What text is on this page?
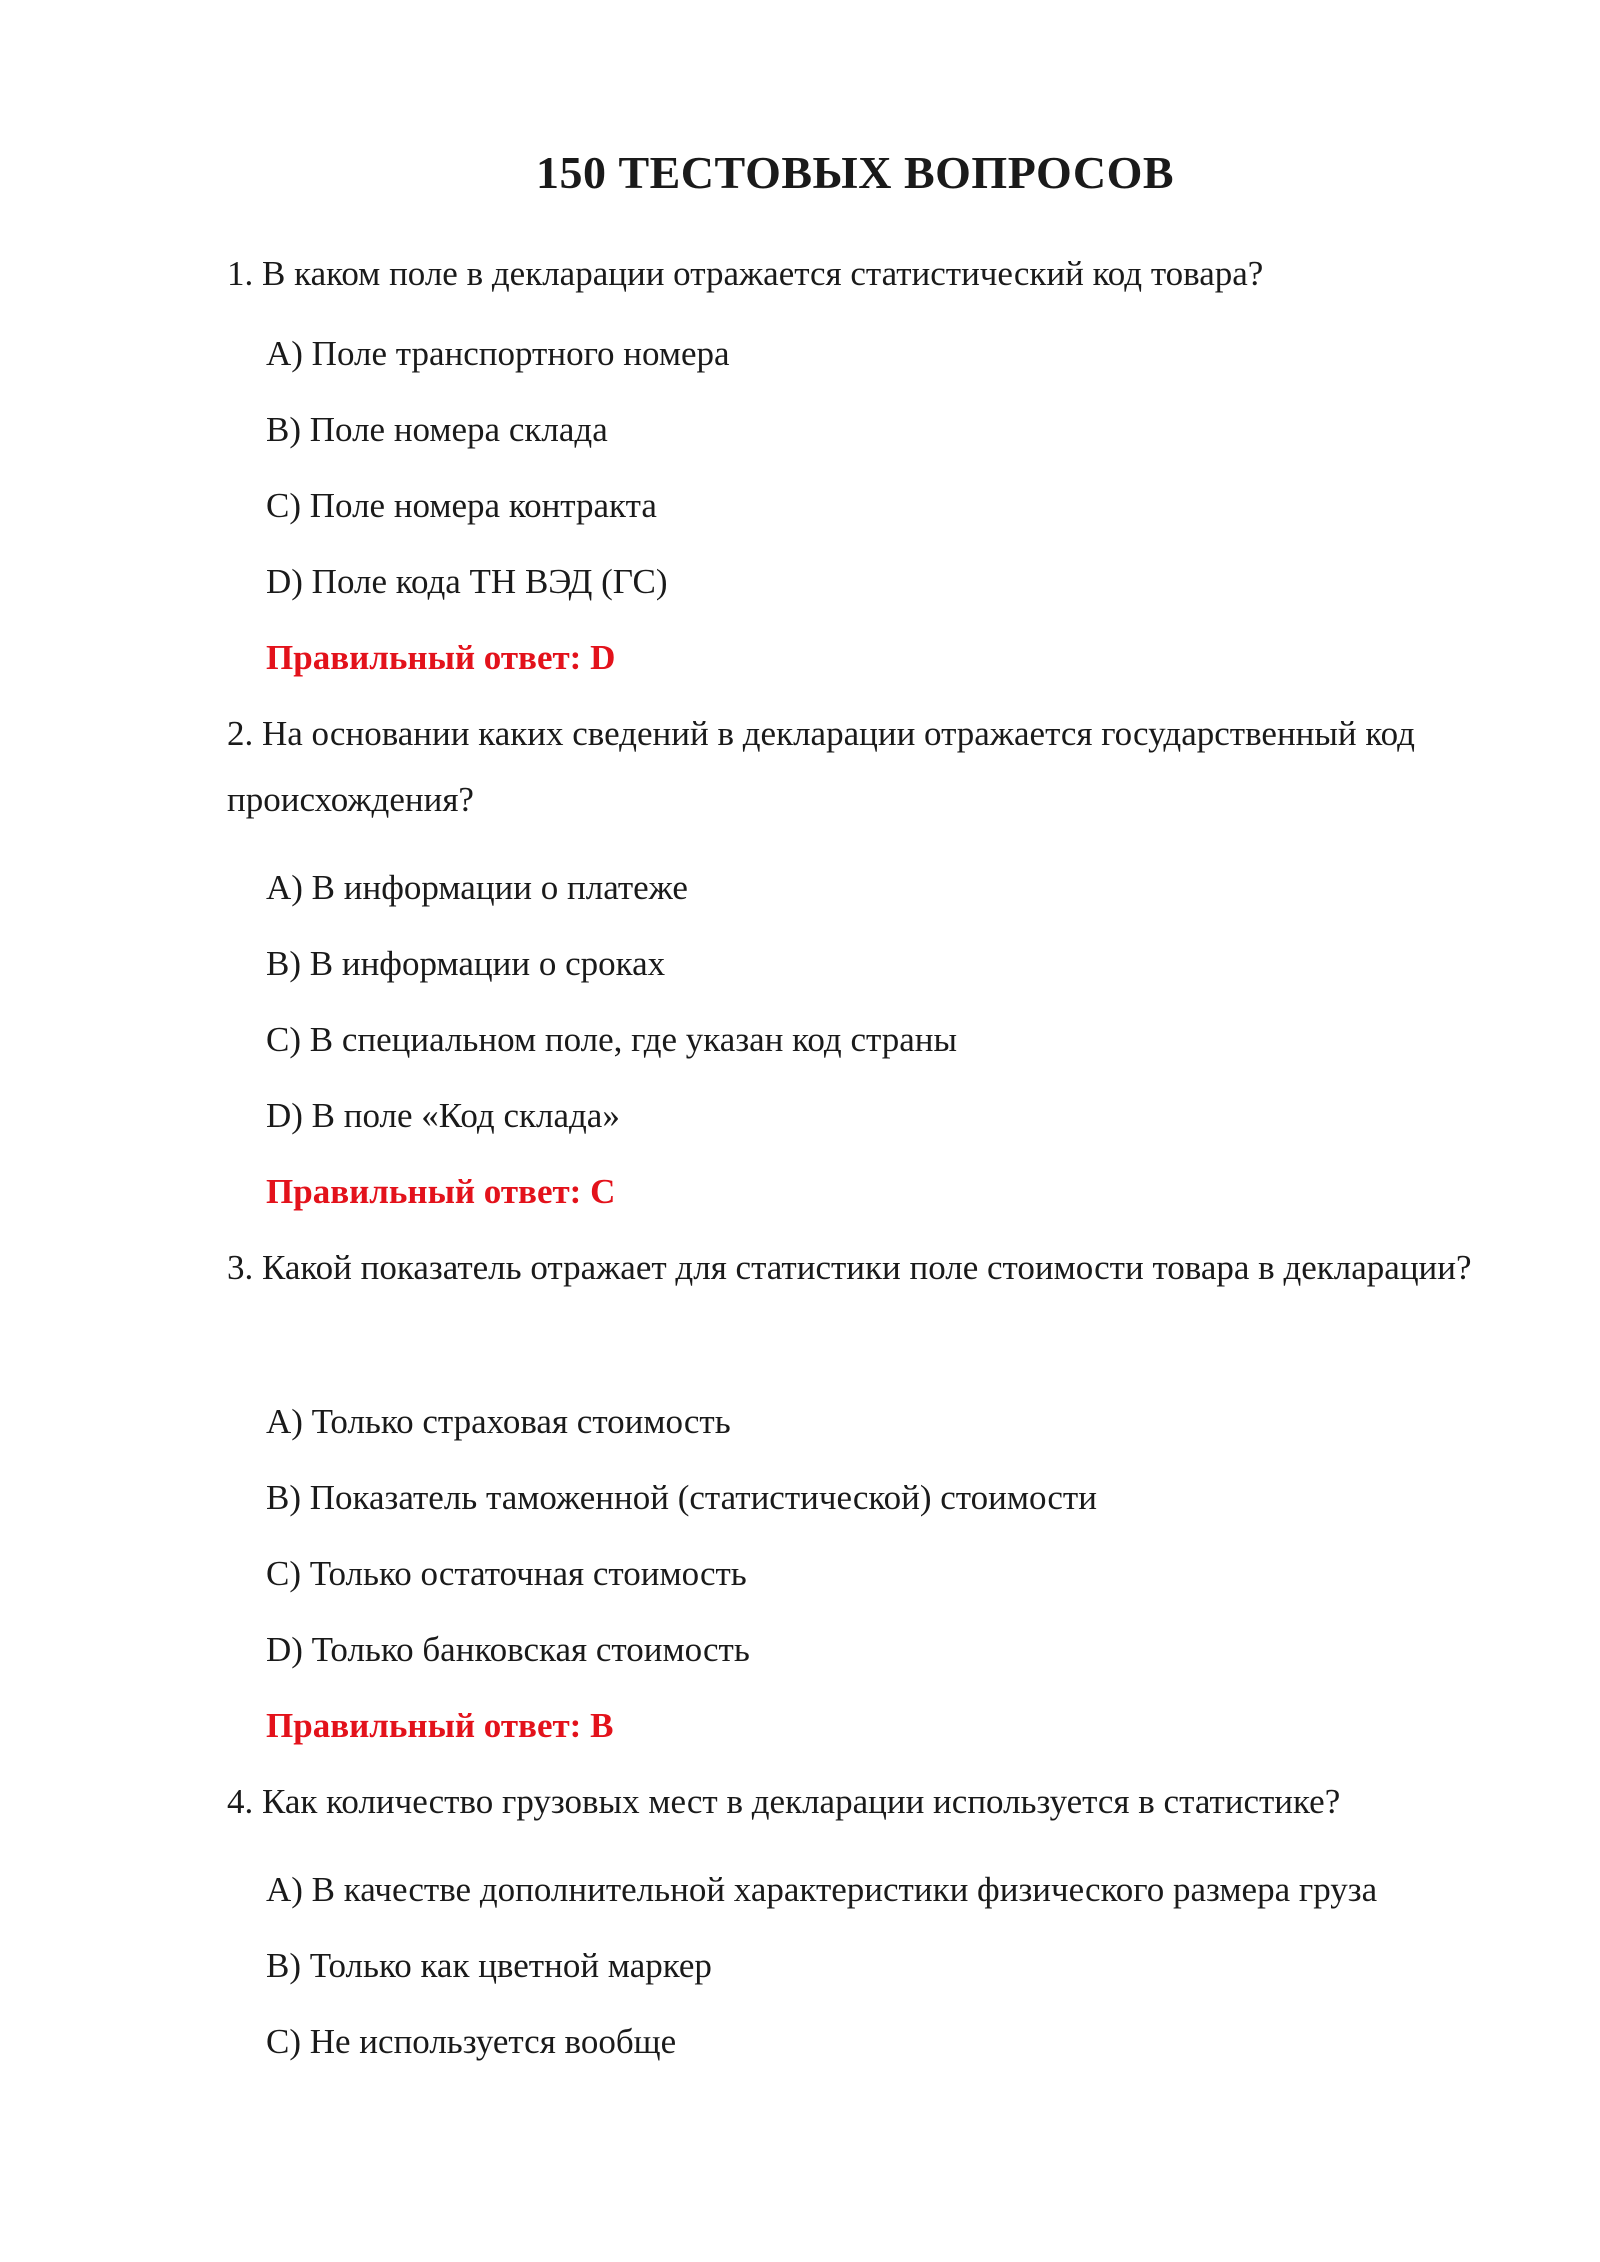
150 ТЕСТОВЫХ ВОПРОСОВ

1. В каком поле в декларации отражается статистический код товара?

A) Поле транспортного номера

B) Поле номера склада

C) Поле номера контракта

D) Поле кода ТН ВЭД (ГС)

Правильный ответ: D

2. На основании каких сведений в декларации отражается государственный код происхождения?

A) В информации о платеже

B) В информации о сроках

C) В специальном поле, где указан код страны

D) В поле «Код склада»

Правильный ответ: C

3. Какой показатель отражает для статистики поле стоимости товара в декларации?

A) Только страховая стоимость

B) Показатель таможенной (статистической) стоимости

C) Только остаточная стоимость

D) Только банковская стоимость

Правильный ответ: B

4. Как количество грузовых мест в декларации используется в статистике?

A) В качестве дополнительной характеристики физического размера груза

B) Только как цветной маркер

C) Не используется вообще
